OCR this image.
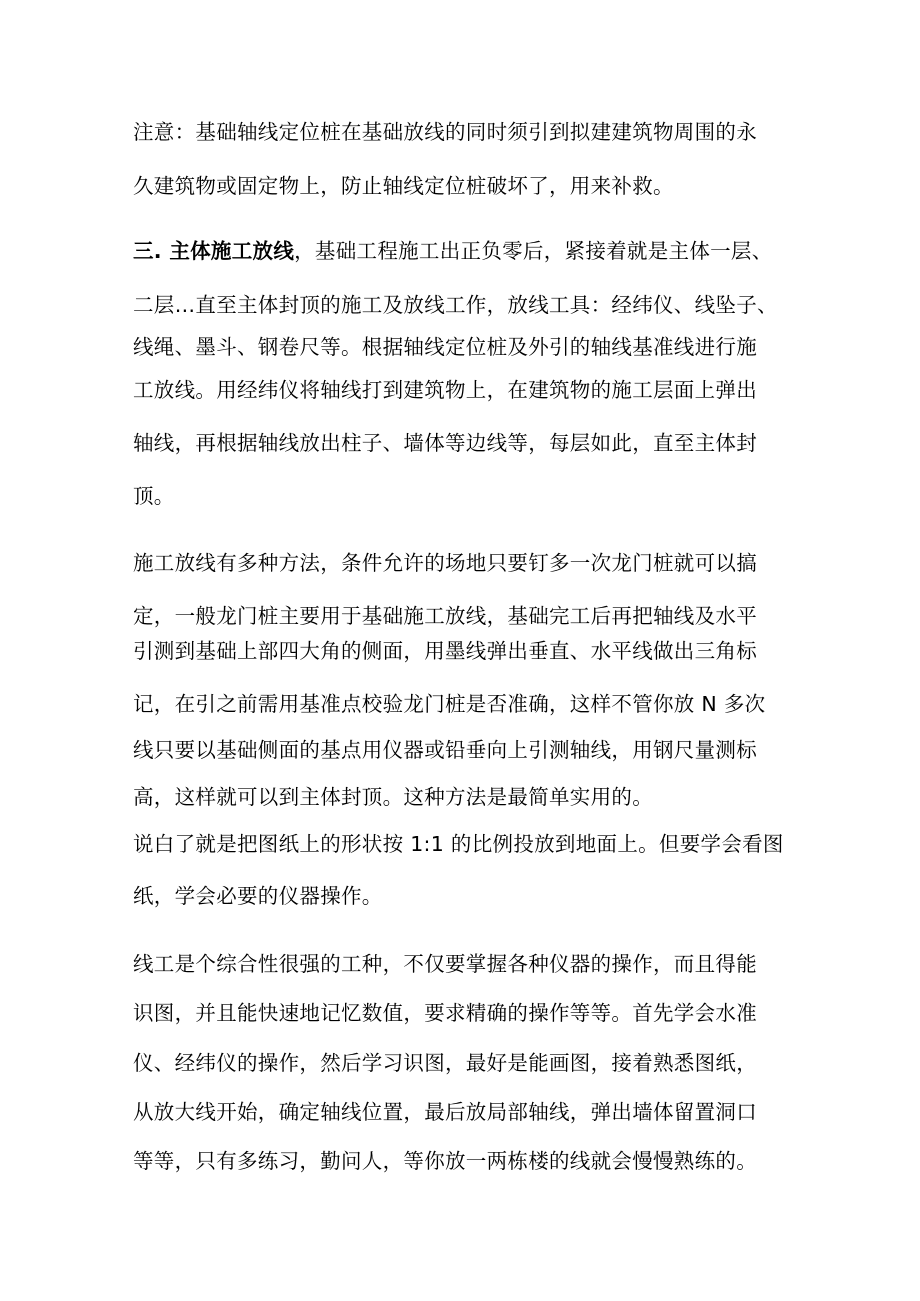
注意：基础轴线定位桩在基础放线的同时须引到拟建建筑物周围的永
久建筑物或固定物上，防止轴线定位桩破坏了，用来补救。
三. 主体施工放线，基础工程施工出正负零后，紧接着就是主体一层、
二层…直至主体封顶的施工及放线工作，放线工具：经纬仪、线坠子、
线绳、墨斗、钢卷尺等。根据轴线定位桩及外引的轴线基准线进行施
工放线。用经纬仪将轴线打到建筑物上，在建筑物的施工层面上弹出
轴线，再根据轴线放出柱子、墙体等边线等，每层如此，直至主体封
顶。
施工放线有多种方法，条件允许的场地只要钉多一次龙门桩就可以搞
定，一般龙门桩主要用于基础施工放线，基础完工后再把轴线及水平
引测到基础上部四大角的侧面，用墨线弹出垂直、水平线做出三角标
记，在引之前需用基准点校验龙门桩是否准确，这样不管你放 N 多次
线只要以基础侧面的基点用仪器或铅垂向上引测轴线，用钢尺量测标
高，这样就可以到主体封顶。这种方法是最简单实用的。
说白了就是把图纸上的形状按 1:1 的比例投放到地面上。但要学会看图
纸，学会必要的仪器操作。
线工是个综合性很强的工种，不仅要掌握各种仪器的操作，而且得能
识图，并且能快速地记忆数值，要求精确的操作等等。首先学会水准
仪、经纬仪的操作，然后学习识图，最好是能画图，接着熟悉图纸，
从放大线开始，确定轴线位置，最后放局部轴线，弹出墙体留置洞口
等等，只有多练习，勤问人，等你放一两栋楼的线就会慢慢熟练的。
